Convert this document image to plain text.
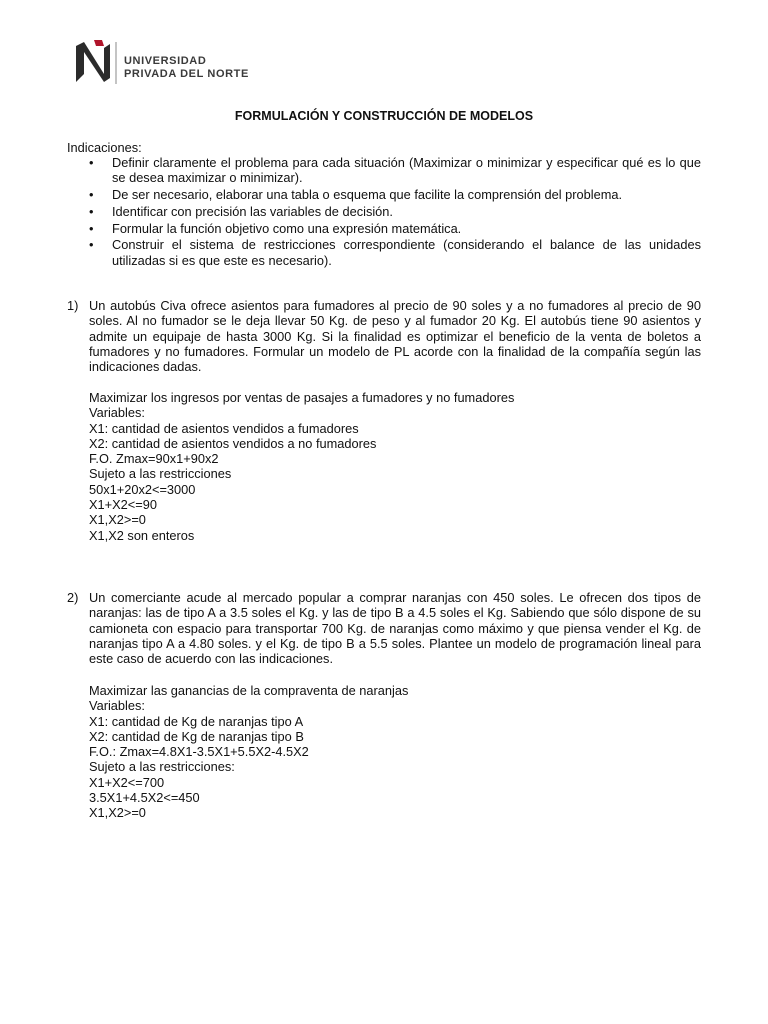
UNIVERSIDAD
PRIVADA DEL NORTE
FORMULACIÓN Y CONSTRUCCIÓN DE MODELOS
Indicaciones:
• Definir claramente el problema para cada situación (Maximizar o minimizar y especificar qué es lo que se desea maximizar o minimizar).
• De ser necesario, elaborar una tabla o esquema que facilite la comprensión del problema.
• Identificar con precisión las variables de decisión.
• Formular la función objetivo como una expresión matemática.
• Construir el sistema de restricciones correspondiente (considerando el balance de las unidades utilizadas si es que este es necesario).
1) Un autobús Civa ofrece asientos para fumadores al precio de 90 soles y a no fumadores al precio de 90 soles. Al no fumador se le deja llevar 50 Kg. de peso y al fumador 20 Kg. El autobús tiene 90 asientos y admite un equipaje de hasta 3000 Kg. Si la finalidad es optimizar el beneficio de la venta de boletos a fumadores y no fumadores. Formular un modelo de PL acorde con la finalidad de la compañía según las indicaciones dadas.
Maximizar los ingresos por ventas de pasajes a fumadores y no fumadores
Variables:
X1: cantidad de asientos vendidos a fumadores
X2: cantidad de asientos vendidos a no fumadores
F.O. Zmax=90x1+90x2
Sujeto a las restricciones
50x1+20x2<=3000
X1+X2<=90
X1,X2>=0
X1,X2 son enteros
2) Un comerciante acude al mercado popular a comprar naranjas con 450 soles. Le ofrecen dos tipos de naranjas: las de tipo A a 3.5 soles el Kg. y las de tipo B a 4.5 soles el Kg. Sabiendo que sólo dispone de su camioneta con espacio para transportar 700 Kg. de naranjas como máximo y que piensa vender el Kg. de naranjas tipo A a 4.80 soles. y el Kg. de tipo B a 5.5 soles. Plantee un modelo de programación lineal para este caso de acuerdo con las indicaciones.
Maximizar las ganancias de la compraventa de naranjas
Variables:
X1: cantidad de Kg de naranjas tipo A
X2: cantidad de Kg de naranjas tipo B
F.O.: Zmax=4.8X1-3.5X1+5.5X2-4.5X2
Sujeto a las restricciones:
X1+X2<=700
3.5X1+4.5X2<=450
X1,X2>=0
